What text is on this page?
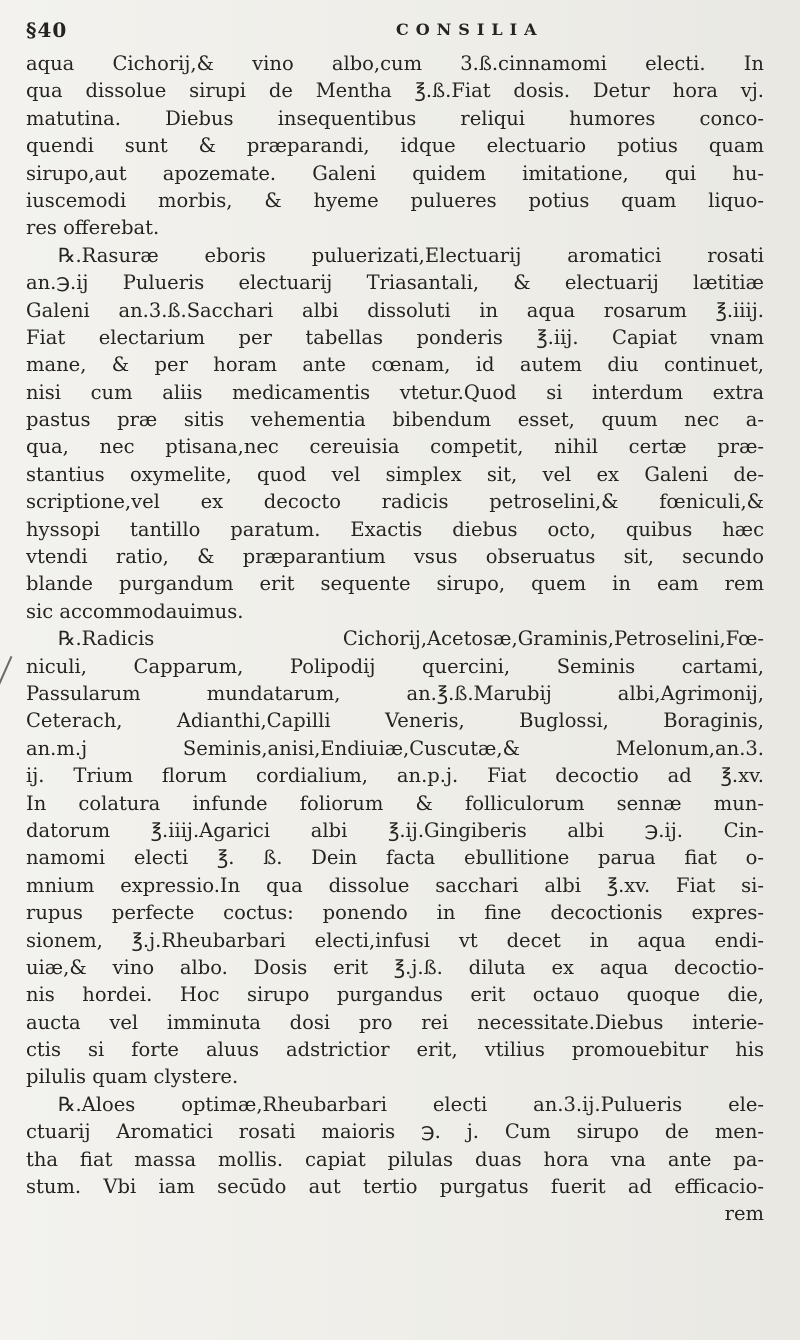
§40	CONSILIA
aqua Cichorij,& vino albo,cum 3.ß.cinnamomi electi. In
qua dissolue sirupi de Mentha ℥.ß.Fiat dosis. Detur hora vj.
matutina. Diebus insequentibus reliqui humores conco-
quendi sunt & præparandi, idque electuario potius quam
sirupo,aut apozemate. Galeni quidem imitatione, qui hu-
iuscemodi morbis, & hyeme pulueres potius quam liquo-
res offerebat.
℞.Rasuræ eboris puluerizati,Electuarij aromatici rosati
an.℈.ij Pulueris electuarij Triasantali, & electuarij lætitiæ
Galeni an.3.ß.Sacchari albi dissoluti in aqua rosarum ℥.iiij.
Fiat electarium per tabellas ponderis ℥.iij. Capiat vnam
mane, & per horam ante cœnam, id autem diu continuet,
nisi cum aliis medicamentis vtetur.Quod si interdum extra
pastus præ sitis vehementia bibendum esset, quum nec a-
qua, nec ptisana,nec cereuisia competit, nihil certæ præ-
stantius oxymelite, quod vel simplex sit, vel ex Galeni de-
scriptione,vel ex decocto radicis petroselini,& fœniculi,&
hyssopi tantillo paratum. Exactis diebus octo, quibus hæc
vtendi ratio, & præparantium vsus obseruatus sit, secundo
blande purgandum erit sequente sirupo, quem in eam rem
sic accommodauimus.
℞.Radicis Cichorij,Acetosæ,Graminis,Petroselini,Fœ-
niculi, Capparum, Polipodij quercini, Seminis cartami,
Passularum mundatarum, an.℥.ß.Marubij albi,Agrimonij,
Ceterach, Adianthi,Capilli Veneris, Buglossi, Boraginis,
an.m.j Seminis,anisi,Endiuiæ,Cuscutæ,& Melonum,an.3.
ij. Trium florum cordialium, an.p.j. Fiat decoctio ad ℥.xv.
In colatura infunde foliorum & folliculorum sennæ mun-
datorum ℥.iiij.Agarici albi ℥.ij.Gingiberis albi ℈.ij. Cin-
namomi electi ℥. ß. Dein facta ebullitione parua fiat o-
mnium expressio.In qua dissolue sacchari albi ℥.xv. Fiat si-
rupus perfecte coctus: ponendo in fine decoctionis expres-
sionem, ℥.j.Rheubarbari electi,infusi vt decet in aqua endi-
uiæ,& vino albo. Dosis erit ℥.j.ß. diluta ex aqua decoctio-
nis hordei. Hoc sirupo purgandus erit octauo quoque die,
aucta vel imminuta dosi pro rei necessitate.Diebus interie-
ctis si forte aluus adstrictior erit, vtilius promouebitur his
pilulis quam clystere.
℞.Aloes optimæ,Rheubarbari electi an.3.ij.Pulueris ele-
ctuarij Aromatici rosati maioris ℈. j. Cum sirupo de men-
tha fiat massa mollis. capiat pilulas duas hora vna ante pa-
stum. Vbi iam secūdo aut tertio purgatus fuerit ad efficacio-
rem
